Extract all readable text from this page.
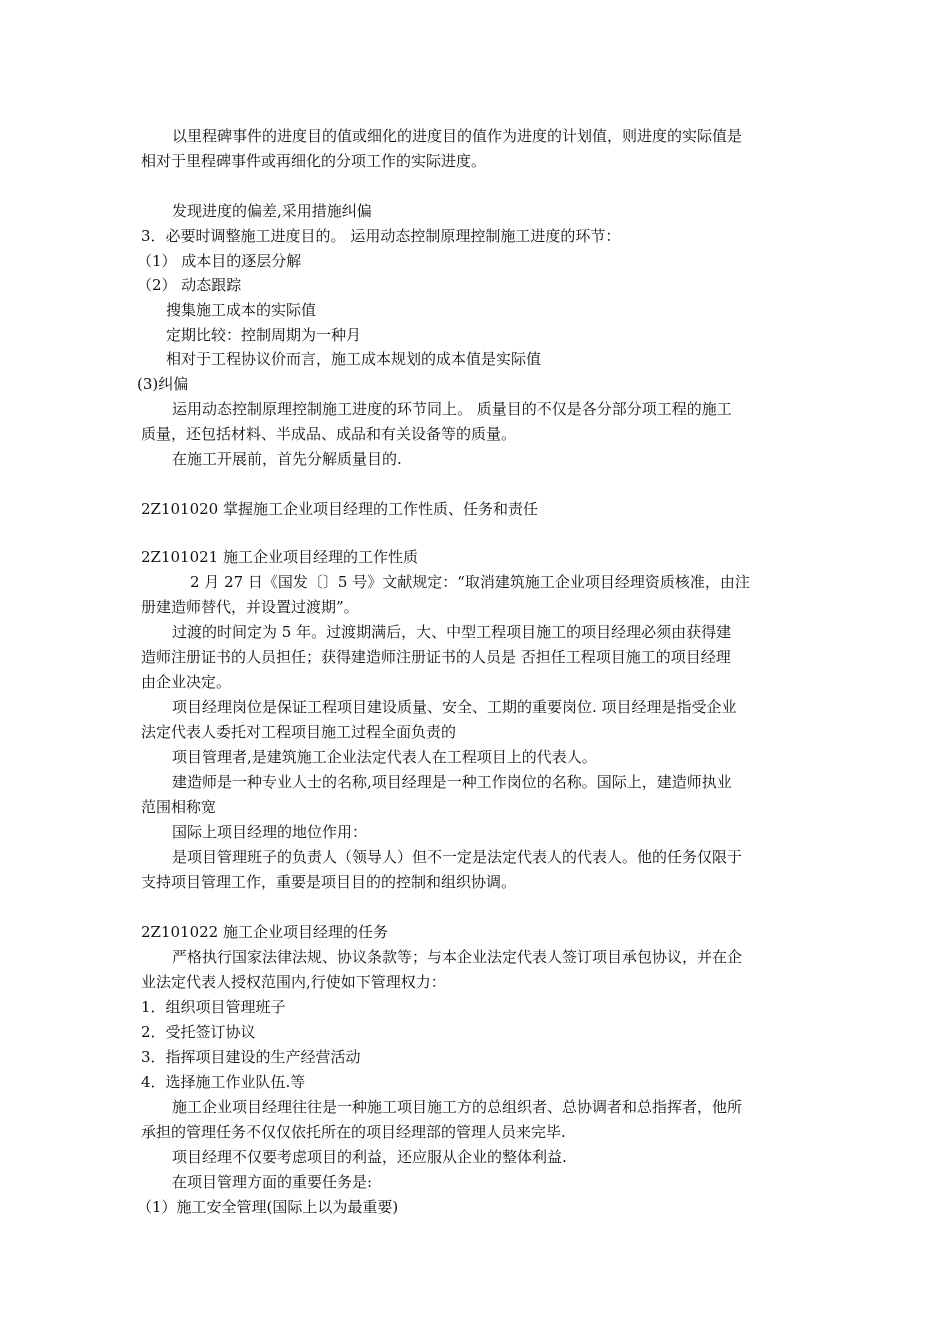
以里程碑事件的进度目的值或细化的进度目的值作为进度的计划值，则进度的实际值是
相对于里程碑事件或再细化的分项工作的实际进度。
发现进度的偏差,采用措施纠偏
3．必要时调整施工进度目的。 运用动态控制原理控制施工进度的环节：
（1） 成本目的逐层分解
（2） 动态跟踪
搜集施工成本的实际值
定期比较：控制周期为一种月
相对于工程协议价而言，施工成本规划的成本值是实际值
(3)纠偏
运用动态控制原理控制施工进度的环节同上。 质量目的不仅是各分部分项工程的施工
质量，还包括材料、半成品、成品和有关设备等的质量。
在施工开展前，首先分解质量目的.
2Z101020 掌握施工企业项目经理的工作性质、任务和责任
2Z101021 施工企业项目经理的工作性质
2 月 27 日《国发〔〕5 号》文献规定：“取消建筑施工企业项目经理资质核准，由注
册建造师替代，并设置过渡期”。
过渡的时间定为 5 年。过渡期满后，大、中型工程项目施工的项目经理必须由获得建
造师注册证书的人员担任；获得建造师注册证书的人员是 否担任工程项目施工的项目经理
由企业决定。
项目经理岗位是保证工程项目建设质量、安全、工期的重要岗位. 项目经理是指受企业
法定代表人委托对工程项目施工过程全面负责的
项目管理者,是建筑施工企业法定代表人在工程项目上的代表人。
建造师是一种专业人士的名称,项目经理是一种工作岗位的名称。国际上，建造师执业
范围相称宽
国际上项目经理的地位作用：
是项目管理班子的负责人（领导人）但不一定是法定代表人的代表人。他的任务仅限于
支持项目管理工作，重要是项目目的的控制和组织协调。
2Z101022 施工企业项目经理的任务
严格执行国家法律法规、协议条款等；与本企业法定代表人签订项目承包协议，并在企
业法定代表人授权范围内,行使如下管理权力：
1．组织项目管理班子
2．受托签订协议
3．指挥项目建设的生产经营活动
4．选择施工作业队伍.等
施工企业项目经理往往是一种施工项目施工方的总组织者、总协调者和总指挥者，他所
承担的管理任务不仅仅依托所在的项目经理部的管理人员来完毕.
项目经理不仅要考虑项目的利益，还应服从企业的整体利益.
在项目管理方面的重要任务是:
（1）施工安全管理(国际上以为最重要)
